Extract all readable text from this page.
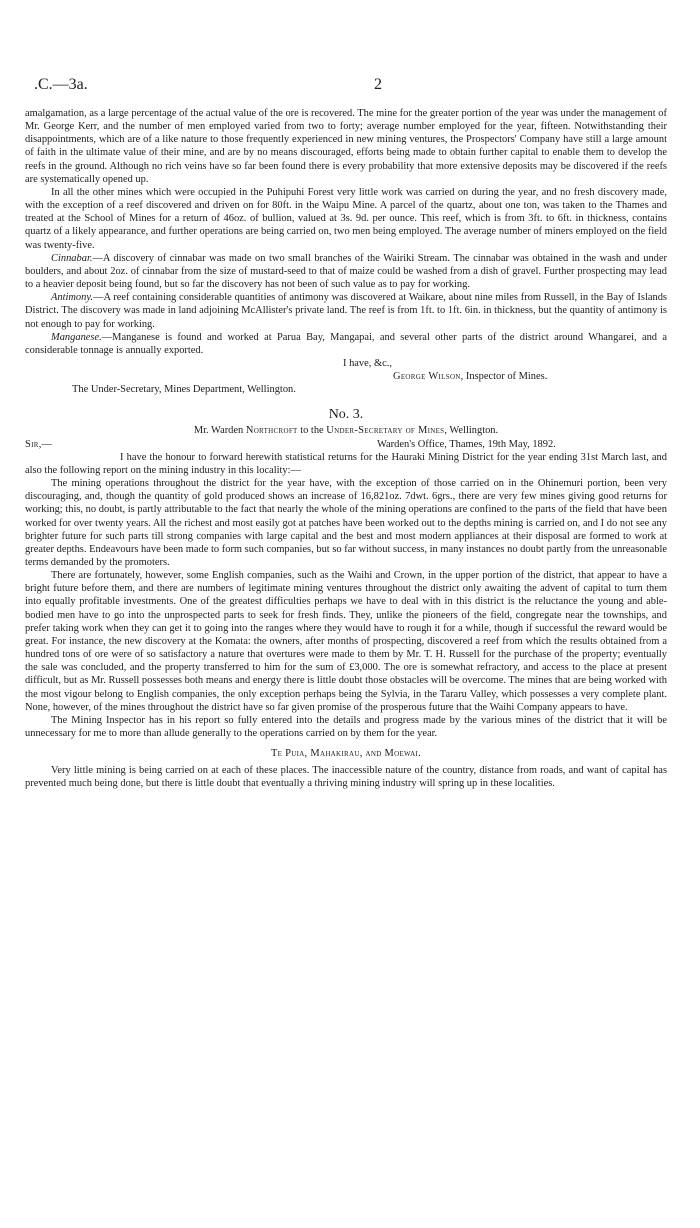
.C.—3a.	2

amalgamation, as a large percentage of the actual value of the ore is recovered. The mine for the greater portion of the year was under the management of Mr. George Kerr, and the number of men employed varied from two to forty; average number employed for the year, fifteen. Notwithstanding their disappointments, which are of a like nature to those frequently experienced in new mining ventures, the Prospectors' Company have still a large amount of faith in the ultimate value of their mine, and are by no means discouraged, efforts being made to obtain further capital to enable them to develop the reefs in the ground. Although no rich veins have so far been found there is every probability that more extensive deposits may be discovered if the reefs are systematically opened up.

In all the other mines which were occupied in the Puhipuhi Forest very little work was carried on during the year, and no fresh discovery made, with the exception of a reef discovered and driven on for 80ft. in the Waipu Mine. A parcel of the quartz, about one ton, was taken to the Thames and treated at the School of Mines for a return of 46oz. of bullion, valued at 3s. 9d. per ounce. This reef, which is from 3ft. to 6ft. in thickness, contains quartz of a likely appearance, and further operations are being carried on, two men being employed. The average number of miners employed on the field was twenty-five.

Cinnabar.—A discovery of cinnabar was made on two small branches of the Wairiki Stream. The cinnabar was obtained in the wash and under boulders, and about 2oz. of cinnabar from the size of mustard-seed to that of maize could be washed from a dish of gravel. Further prospecting may lead to a heavier deposit being found, but so far the discovery has not been of such value as to pay for working.

Antimony.—A reef containing considerable quantities of antimony was discovered at Waikare, about nine miles from Russell, in the Bay of Islands District. The discovery was made in land adjoining McAllister's private land. The reef is from 1ft. to 1ft. 6in. in thickness, but the quantity of antimony is not enough to pay for working.

Manganese.—Manganese is found and worked at Parua Bay, Mangapai, and several other parts of the district around Whangarei, and a considerable tonnage is annually exported.

I have, &c.,

George Wilson, Inspector of Mines.

The Under-Secretary, Mines Department, Wellington.

No. 3.

Mr. Warden Northcroft to the Under-Secretary of Mines, Wellington.

Sir,—	Warden's Office, Thames, 19th May, 1892.

I have the honour to forward herewith statistical returns for the Hauraki Mining District for the year ending 31st March last, and also the following report on the mining industry in this locality:—

The mining operations throughout the district for the year have, with the exception of those carried on in the Ohinemuri portion, been very discouraging, and, though the quantity of gold produced shows an increase of 16,821oz. 7dwt. 6grs., there are very few mines giving good returns for working; this, no doubt, is partly attributable to the fact that nearly the whole of the mining operations are confined to the parts of the field that have been worked for over twenty years. All the richest and most easily got at patches have been worked out to the depths mining is carried on, and I do not see any brighter future for such parts till strong companies with large capital and the best and most modern appliances at their disposal are formed to work at greater depths. Endeavours have been made to form such companies, but so far without success, in many instances no doubt partly from the unreasonable terms demanded by the promoters.

There are fortunately, however, some English companies, such as the Waihi and Crown, in the upper portion of the district, that appear to have a bright future before them, and there are numbers of legitimate mining ventures throughout the district only awaiting the advent of capital to turn them into equally profitable investments. One of the greatest difficulties perhaps we have to deal with in this district is the reluctance the young and able-bodied men have to go into the unprospected parts to seek for fresh finds. They, unlike the pioneers of the field, congregate near the townships, and prefer taking work when they can get it to going into the ranges where they would have to rough it for a while, though if successful the reward would be great. For instance, the new discovery at the Komata: the owners, after months of prospecting, discovered a reef from which the results obtained from a hundred tons of ore were of so satisfactory a nature that overtures were made to them by Mr. T. H. Russell for the purchase of the property; eventually the sale was concluded, and the property transferred to him for the sum of £3,000. The ore is somewhat refractory, and access to the place at present difficult, but as Mr. Russell possesses both means and energy there is little doubt those obstacles will be overcome. The mines that are being worked with the most vigour belong to English companies, the only exception perhaps being the Sylvia, in the Tararu Valley, which possesses a very complete plant. None, however, of the mines throughout the district have so far given promise of the prosperous future that the Waihi Company appears to have.

The Mining Inspector has in his report so fully entered into the details and progress made by the various mines of the district that it will be unnecessary for me to more than allude generally to the operations carried on by them for the year.

Te Puia, Mahakirau, and Moewai.

Very little mining is being carried on at each of these places. The inaccessible nature of the country, distance from roads, and want of capital has prevented much being done, but there is little doubt that eventually a thriving mining industry will spring up in these localities.
